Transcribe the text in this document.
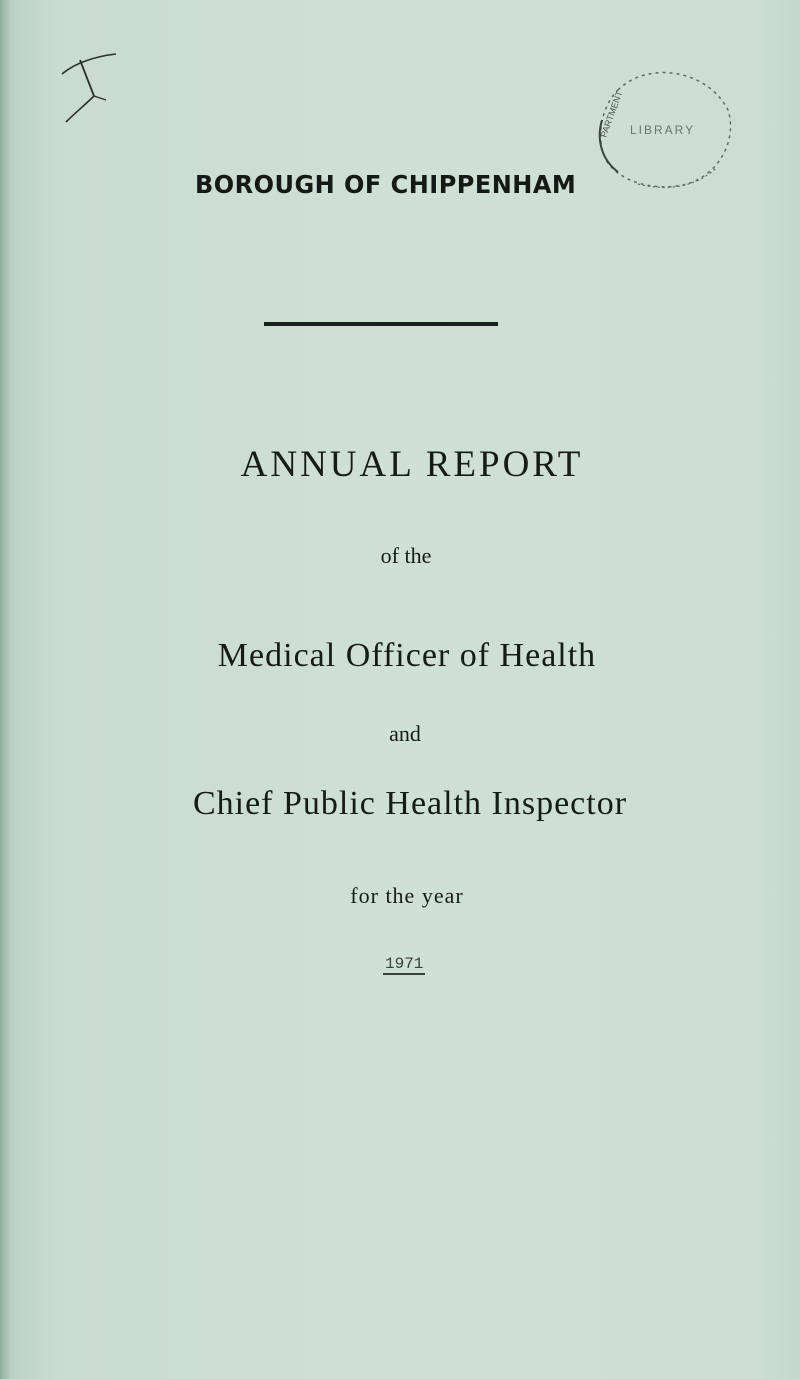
PARTMENT LIBRARY
BOROUGH OF CHIPPENHAM
ANNUAL REPORT
of the
Medical Officer of Health
and
Chief Public Health Inspector
for the year
1971
